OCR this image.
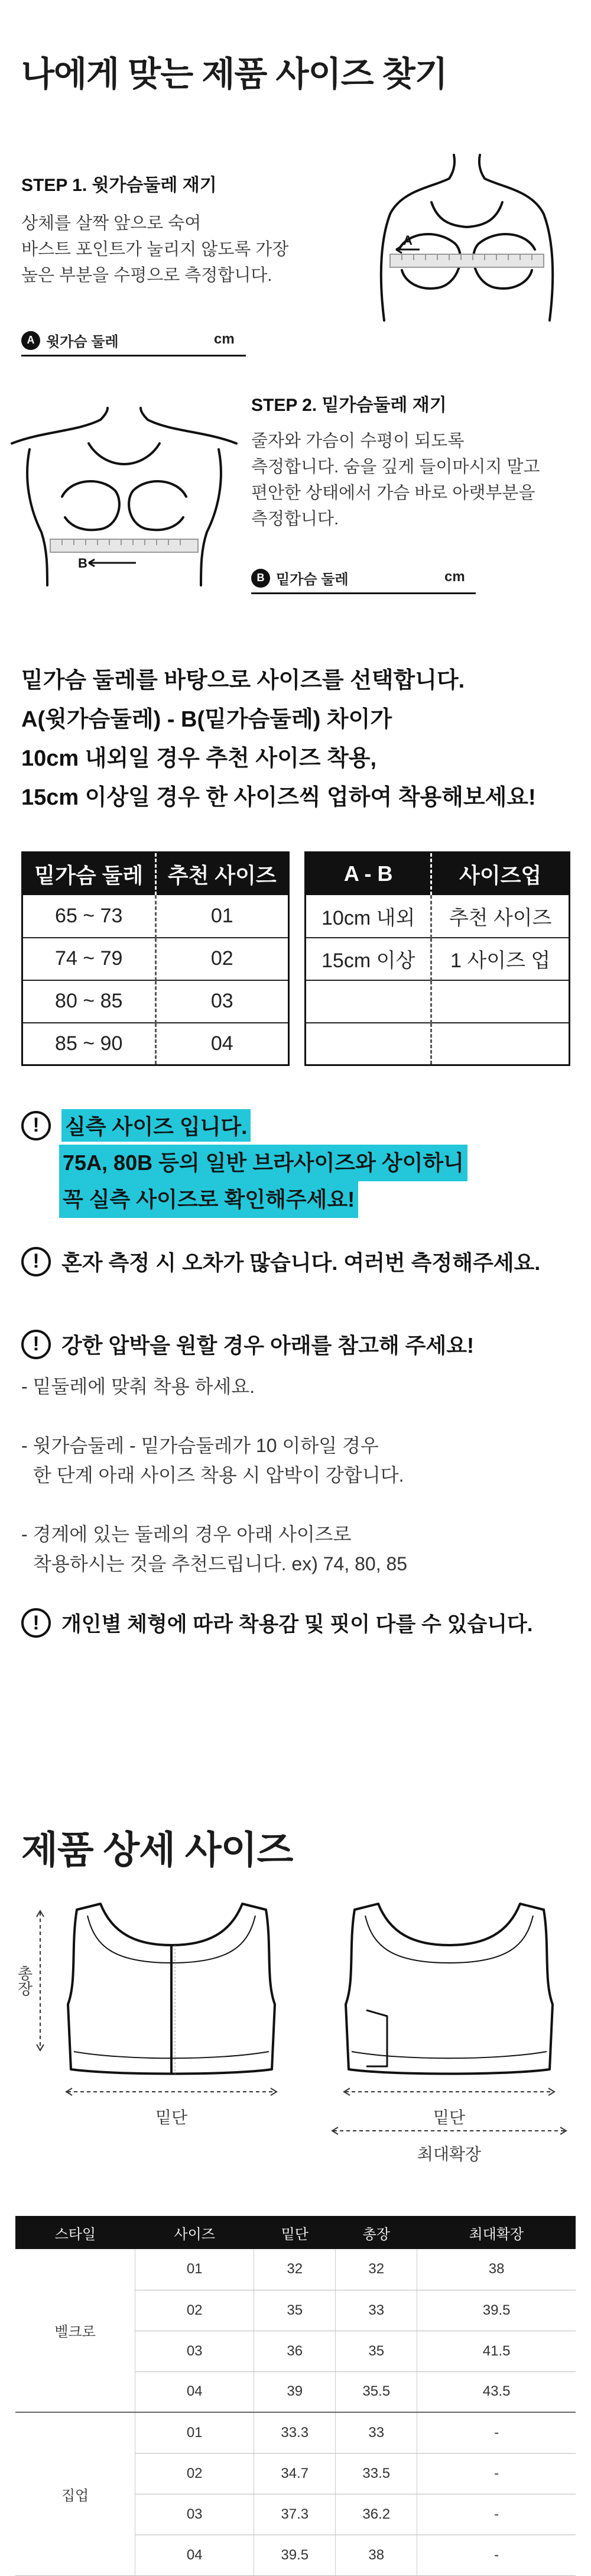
나에게 맞는 제품 사이즈 찾기
STEP 1. 윗가슴둘레 재기
상체를 살짝 앞으로 숙여
바스트 포인트가 눌리지 않도록 가장
높은 부분을 수평으로 측정합니다.
A 윗가슴 둘레	cm
A
B
STEP 2. 밑가슴둘레 재기
줄자와 가슴이 수평이 되도록
측정합니다. 숨을 깊게 들이마시지 말고
편안한 상태에서 가슴 바로 아랫부분을
측정합니다.
B 밑가슴 둘레	cm
밑가슴 둘레를 바탕으로 사이즈를 선택합니다.
A(윗가슴둘레) - B(밑가슴둘레) 차이가
10cm 내외일 경우 추천 사이즈 착용,
15cm 이상일 경우 한 사이즈씩 업하여 착용해보세요!
밑가슴 둘레	추천 사이즈
65 ~ 73	01
74 ~ 79	02
80 ~ 85	03
85 ~ 90	04
A - B	사이즈업
10cm 내외	추천 사이즈
15cm 이상	1 사이즈 업

!	실측 사이즈 입니다.
75A, 80B 등의 일반 브라사이즈와 상이하니
꼭 실측 사이즈로 확인해주세요!
!	혼자 측정 시 오차가 많습니다. 여러번 측정해주세요.
!	강한 압박을 원할 경우 아래를 참고해 주세요!
- 밑둘레에 맞춰 착용 하세요.
- 윗가슴둘레 - 밑가슴둘레가 10 이하일 경우
한 단계 아래 사이즈 착용 시 압박이 강합니다.
- 경계에 있는 둘레의 경우 아래 사이즈로
착용하시는 것을 추천드립니다. ex) 74, 80, 85
!	개인별 체형에 따라 착용감 및 핏이 다를 수 있습니다.
제품 상세 사이즈
총장
밑단	밑단
최대확장
스타일	사이즈	밑단	총장	최대확장
벨크로	01	32	32	38
	02	35	33	39.5
	03	36	35	41.5
	04	39	35.5	43.5
집업	01	33.3	33	-
	02	34.7	33.5	-
	03	37.3	36.2	-
	04	39.5	38	-
